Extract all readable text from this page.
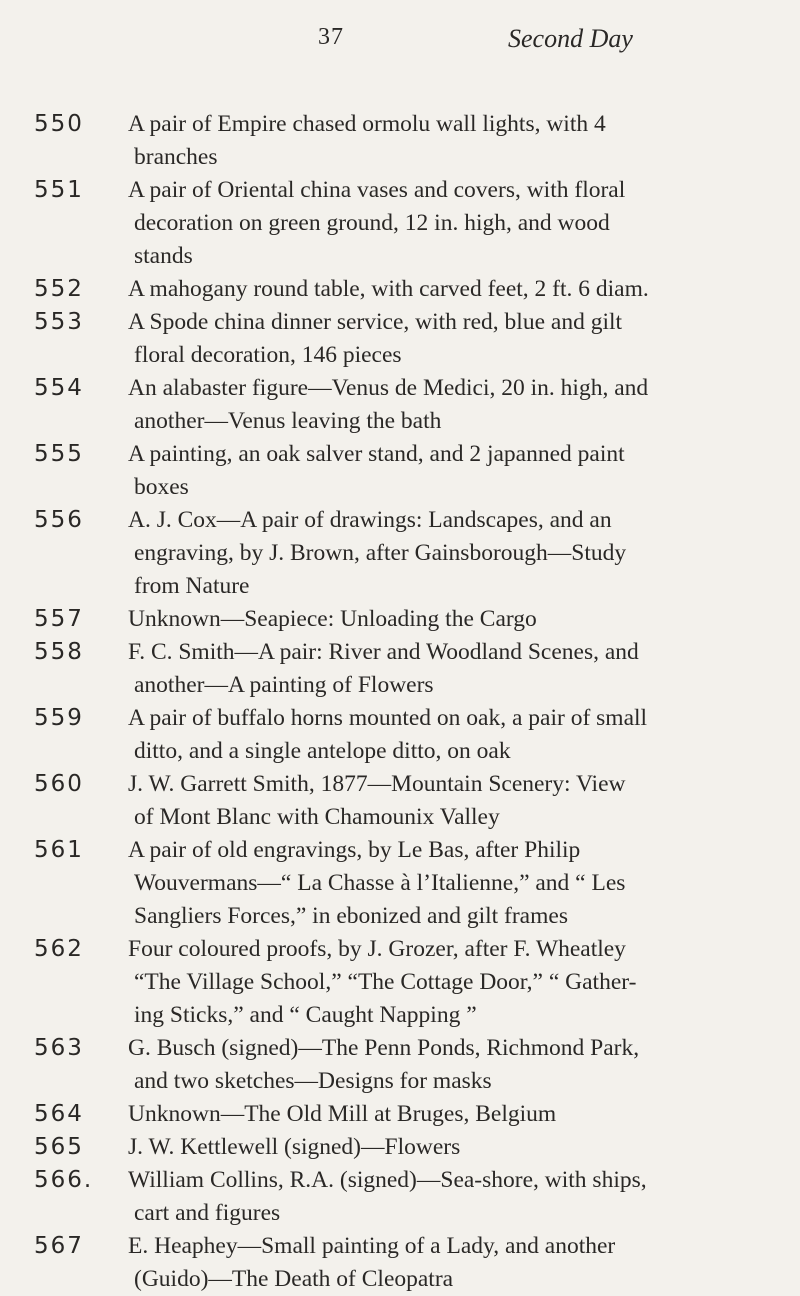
37	Second Day
550	A pair of Empire chased ormolu wall lights, with 4
branches
551	A pair of Oriental china vases and covers, with floral
decoration on green ground, 12 in. high, and wood
stands
552	A mahogany round table, with carved feet, 2 ft. 6 diam.
553	A Spode china dinner service, with red, blue and gilt
floral decoration, 146 pieces
554	An alabaster figure—Venus de Medici, 20 in. high, and
another—Venus leaving the bath
555	A painting, an oak salver stand, and 2 japanned paint
boxes
556	A. J. Cox—A pair of drawings: Landscapes, and an
engraving, by J. Brown, after Gainsborough—Study
from Nature
557	Unknown—Seapiece: Unloading the Cargo
558	F. C. Smith—A pair: River and Woodland Scenes, and
another—A painting of Flowers
559	A pair of buffalo horns mounted on oak, a pair of small
ditto, and a single antelope ditto, on oak
560	J. W. Garrett Smith, 1877—Mountain Scenery: View
of Mont Blanc with Chamounix Valley
561	A pair of old engravings, by Le Bas, after Philip
Wouvermans—“ La Chasse à l’Italienne,” and “ Les
Sangliers Forces,” in ebonized and gilt frames
562	Four coloured proofs, by J. Grozer, after F. Wheatley
“The Village School,” “The Cottage Door,” “ Gather-
ing Sticks,” and “ Caught Napping ”
563	G. Busch (signed)—The Penn Ponds, Richmond Park,
and two sketches—Designs for masks
564	Unknown—The Old Mill at Bruges, Belgium
565	J. W. Kettlewell (signed)—Flowers
566.	William Collins, R.A. (signed)—Sea-shore, with ships,
cart and figures
567	E. Heaphey—Small painting of a Lady, and another
(Guido)—The Death of Cleopatra
